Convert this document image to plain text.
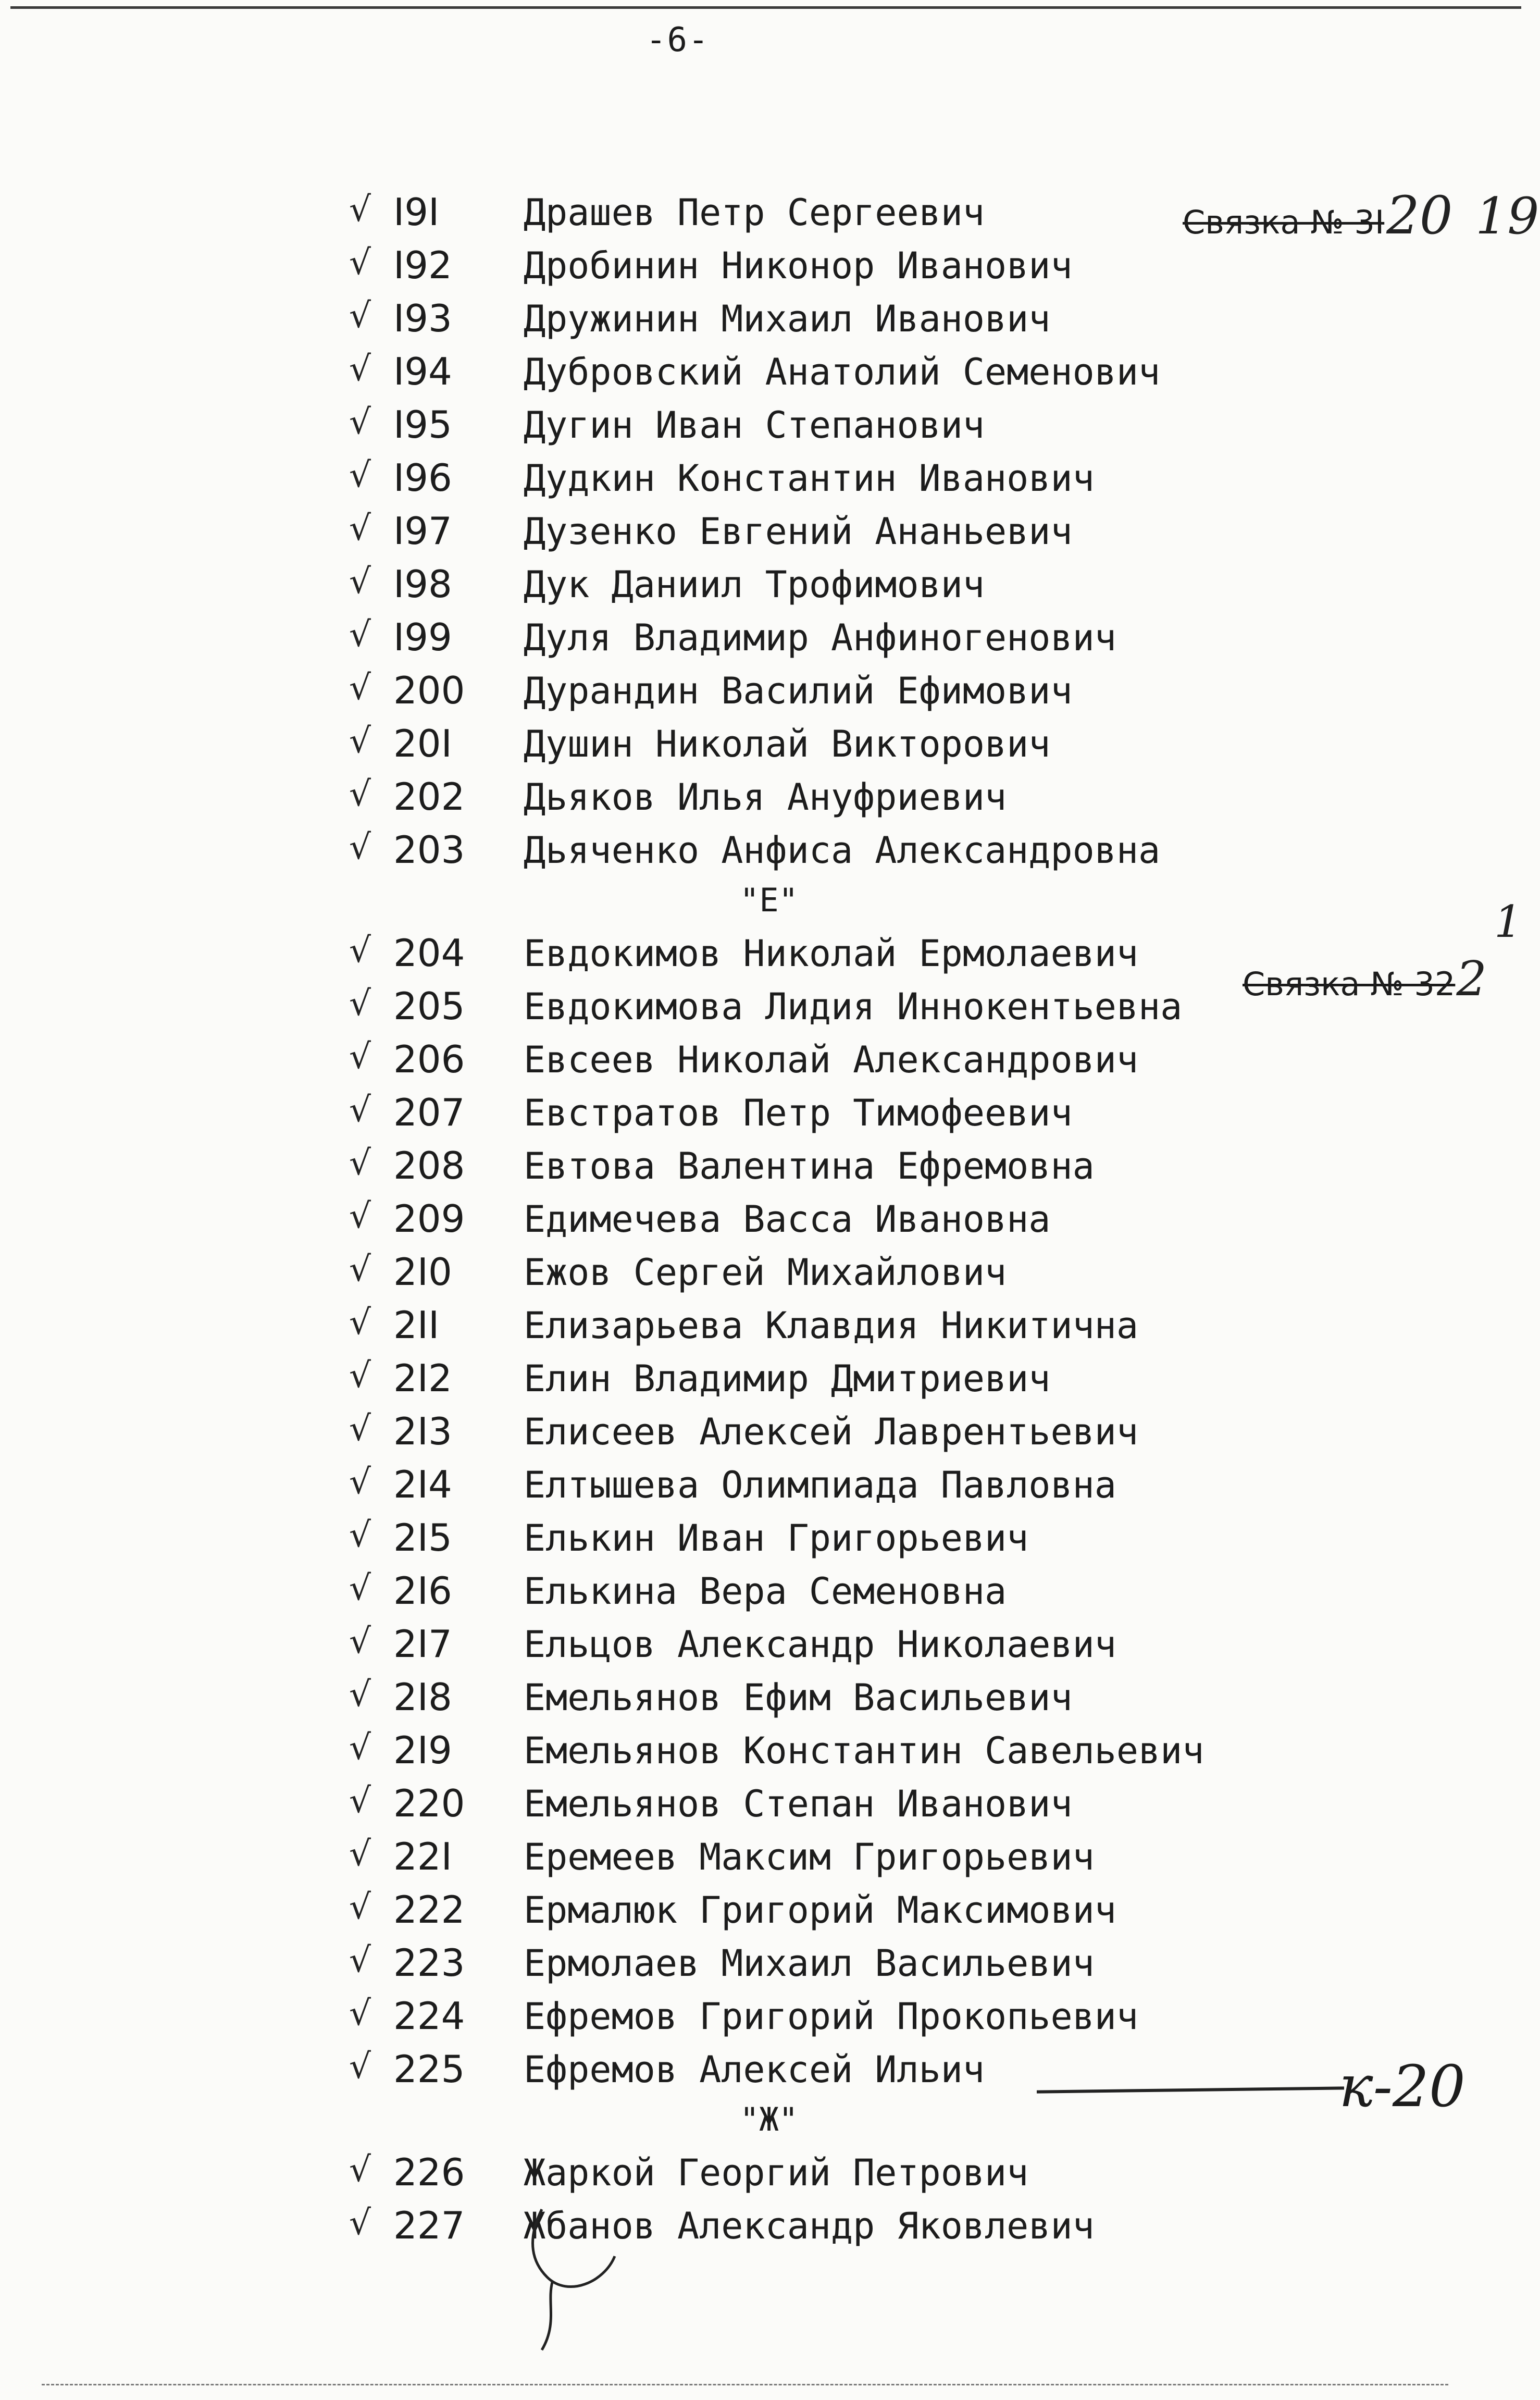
-6-
√ I9I Драшев Петр Сергеевич
√ I92 Дробинин Никонор Иванович
√ I93 Дружинин Михаил Иванович
√ I94 Дубровский Анатолий Семенович
√ I95 Дугин Иван Степанович
√ I96 Дудкин Константин Иванович
√ I97 Дузенко Евгений Ананьевич
√ I98 Дук Даниил Трофимович
√ I99 Дуля Владимир Анфиногенович
√ 200 Дурандин Василий Ефимович
√ 20I Душин Николай Викторович
√ 202 Дьяков Илья Ануфриевич
√ 203 Дьяченко Анфиса Александровна
"Е"
√ 204 Евдокимов Николай Ермолаевич
√ 205 Евдокимова Лидия Иннокентьевна
√ 206 Евсеев Николай Александрович
√ 207 Евстратов Петр Тимофеевич
√ 208 Евтова Валентина Ефремовна
√ 209 Едимечева Васса Ивановна
√ 2I0 Ежов Сергей Михайлович
√ 2II Елизарьева Клавдия Никитична
√ 2I2 Елин Владимир Дмитриевич
√ 2I3 Елисеев Алексей Лаврентьевич
√ 2I4 Елтышева Олимпиада Павловна
√ 2I5 Елькин Иван Григорьевич
√ 2I6 Елькина Вера Семеновна
√ 2I7 Ельцов Александр Николаевич
√ 2I8 Емельянов Ефим Васильевич
√ 2I9 Емельянов Константин Савельевич
√ 220 Емельянов Степан Иванович
√ 22I Еремеев Максим Григорьевич
√ 222 Ермалюк Григорий Максимович
√ 223 Ермолаев Михаил Васильевич
√ 224 Ефремов Григорий Прокопьевич
√ 225 Ефремов Алексей Ильич
"Ж"
√ 226 Жаркой Георгий Петрович
√ 227 Жбанов Александр Яковлевич
Связка № 3I20 19
1
Связка № 322
к-20
